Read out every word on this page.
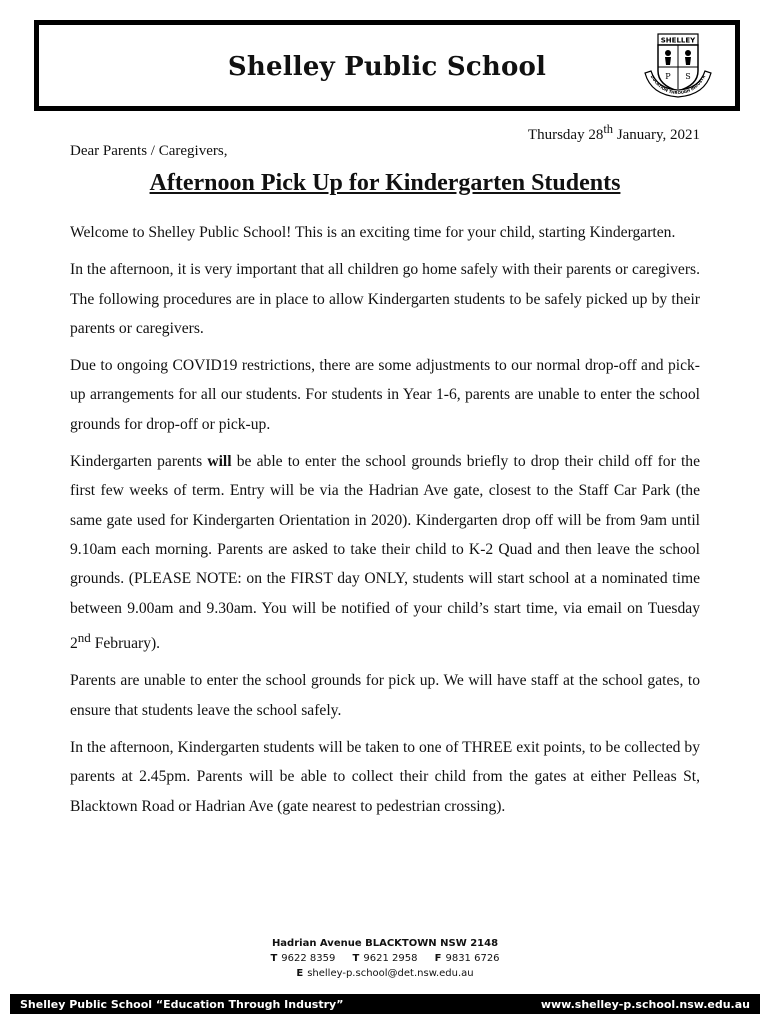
Shelley Public School
SHELLEY
P S
DUCATION THROUGH INDUSTR
Thursday 28th January, 2021
Dear Parents / Caregivers,
Afternoon Pick Up for Kindergarten Students

Welcome to Shelley Public School! This is an exciting time for your child, starting Kindergarten.

In the afternoon, it is very important that all children go home safely with their parents or caregivers. The following procedures are in place to allow Kindergarten students to be safely picked up by their parents or caregivers.

Due to ongoing COVID19 restrictions, there are some adjustments to our normal drop-off and pick-up arrangements for all our students. For students in Year 1-6, parents are unable to enter the school grounds for drop-off or pick-up.

Kindergarten parents will be able to enter the school grounds briefly to drop their child off for the first few weeks of term. Entry will be via the Hadrian Ave gate, closest to the Staff Car Park (the same gate used for Kindergarten Orientation in 2020). Kindergarten drop off will be from 9am until 9.10am each morning. Parents are asked to take their child to K-2 Quad and then leave the school grounds. (PLEASE NOTE: on the FIRST day ONLY, students will start school at a nominated time between 9.00am and 9.30am. You will be notified of your child’s start time, via email on Tuesday 2nd February).

Parents are unable to enter the school grounds for pick up. We will have staff at the school gates, to ensure that students leave the school safely.

In the afternoon, Kindergarten students will be taken to one of THREE exit points, to be collected by parents at 2.45pm. Parents will be able to collect their child from the gates at either Pelleas St, Blacktown Road or Hadrian Ave (gate nearest to pedestrian crossing).

Hadrian Avenue BLACKTOWN NSW 2148
T 9622 8359 T 9621 2958 F 9831 6726
E shelley-p.school@det.nsw.edu.au
Shelley Public School “Education Through Industry”	www.shelley-p.school.nsw.edu.au
